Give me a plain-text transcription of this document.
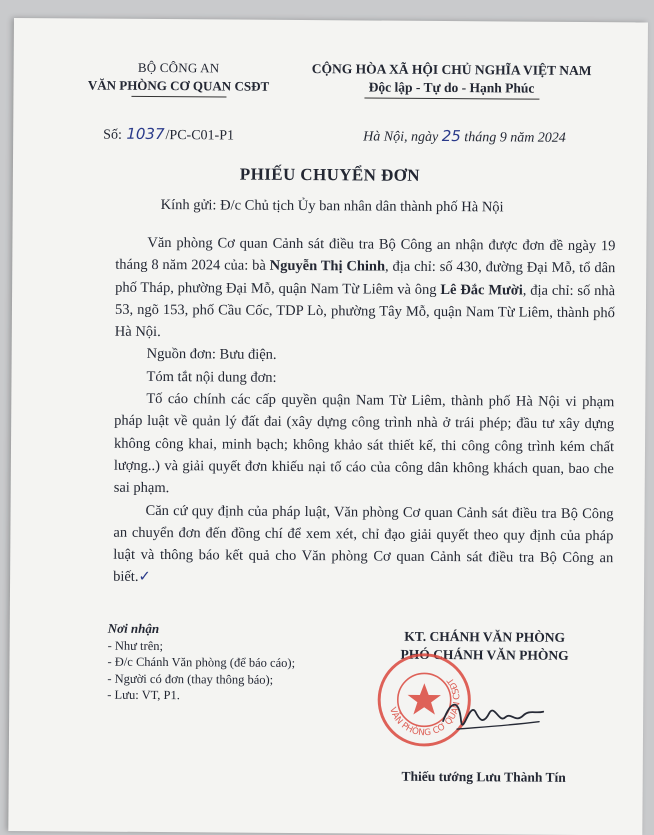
BỘ CÔNG AN
VĂN PHÒNG CƠ QUAN CSĐT
CỘNG HÒA XÃ HỘI CHỦ NGHĨA VIỆT NAM
Độc lập - Tự do - Hạnh Phúc
Số: 1037/PC-C01-P1	Hà Nội, ngày 25 tháng 9 năm 2024
PHIẾU CHUYỂN ĐƠN
Kính gửi: Đ/c Chủ tịch Ủy ban nhân dân thành phố Hà Nội

Văn phòng Cơ quan Cảnh sát điều tra Bộ Công an nhận được đơn đề ngày 19 tháng 8 năm 2024 của: bà Nguyễn Thị Chinh, địa chỉ: số 430, đường Đại Mỗ, tổ dân phố Tháp, phường Đại Mỗ, quận Nam Từ Liêm và ông Lê Đắc Mười, địa chỉ: số nhà 53, ngõ 153, phố Cầu Cốc, TDP Lò, phường Tây Mỗ, quận Nam Từ Liêm, thành phố Hà Nội.

Nguồn đơn: Bưu điện.

Tóm tắt nội dung đơn:

Tố cáo chính các cấp quyền quận Nam Từ Liêm, thành phố Hà Nội vi phạm pháp luật về quản lý đất đai (xây dựng công trình nhà ở trái phép; đầu tư xây dựng không công khai, minh bạch; không khảo sát thiết kế, thi công công trình kém chất lượng..) và giải quyết đơn khiếu nại tố cáo của công dân không khách quan, bao che sai phạm.

Căn cứ quy định của pháp luật, Văn phòng Cơ quan Cảnh sát điều tra Bộ Công an chuyển đơn đến đồng chí để xem xét, chỉ đạo giải quyết theo quy định của pháp luật và thông báo kết quả cho Văn phòng Cơ quan Cảnh sát điều tra Bộ Công an biết.✓

Nơi nhận
- Như trên;
- Đ/c Chánh Văn phòng (để báo cáo);
- Người có đơn (thay thông báo);
- Lưu: VT, P1.
KT. CHÁNH VĂN PHÒNG
PHÓ CHÁNH VĂN PHÒNG
VĂN PHÒNG CƠ QUAN CSĐT
Thiếu tướng Lưu Thành Tín
